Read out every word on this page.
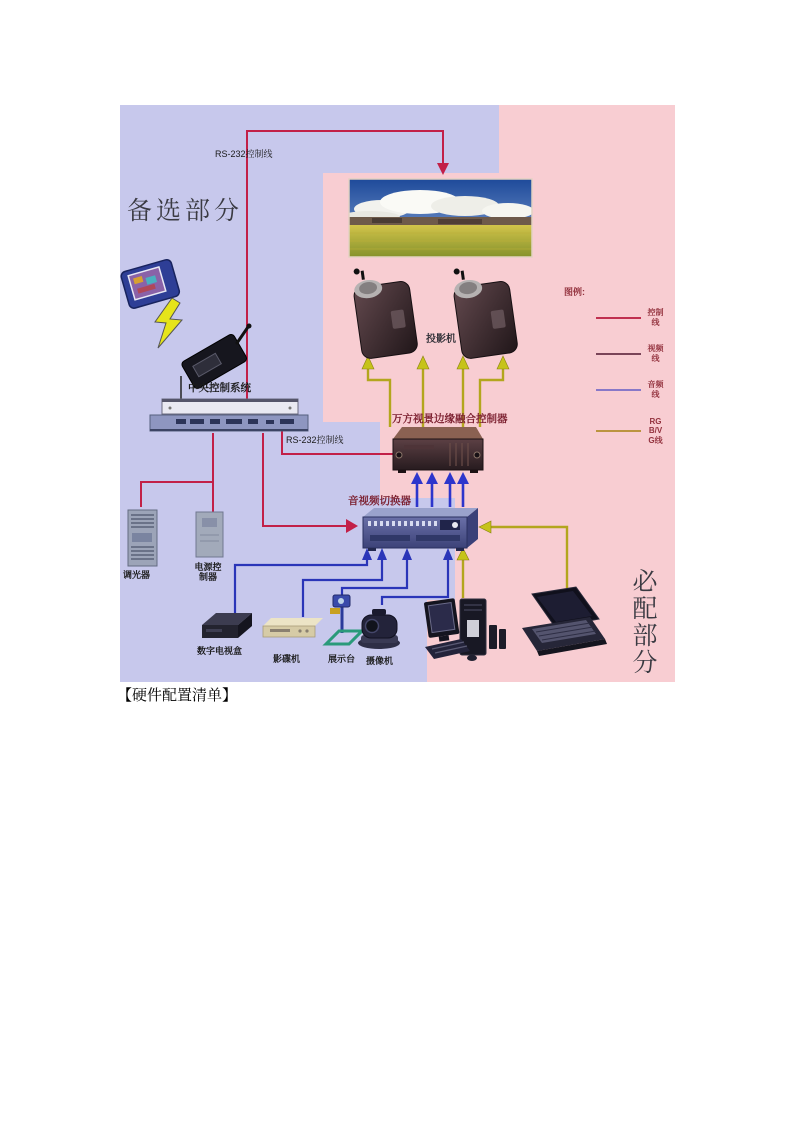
备选部分
必配部分
RS-232控制线
RS-232控制线
中央控制系统
投影机
万方视景边缘融合控制器
音视频切换器
调光器
电源控制器
数字电视盒
影碟机	展示台 摄像机
图例:
控制线
视频线
音频线
RGB/VG线
【硬件配置清单】
